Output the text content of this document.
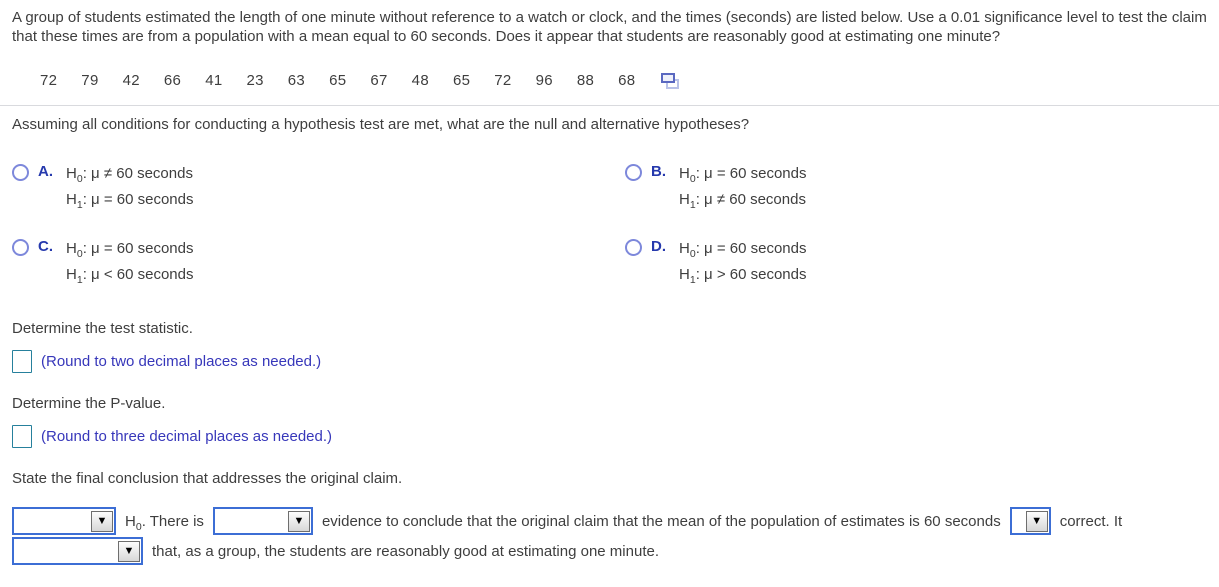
A group of students estimated the length of one minute without reference to a watch or clock, and the times (seconds) are listed below. Use a 0.01 significance level to test the claim that these times are from a population with a mean equal to 60 seconds. Does it appear that students are reasonably good at estimating one minute?
72 79 42 66 41 23 63 65 67 48 65 72 96 88 68
Assuming all conditions for conducting a hypothesis test are met, what are the null and alternative hypotheses?
A. $H_0$: μ ≠ 60 seconds
$H_1$: μ = 60 seconds
B. $H_0$: μ = 60 seconds
$H_1$: μ ≠ 60 seconds
C. $H_0$: μ = 60 seconds
$H_1$: μ < 60 seconds
D. $H_0$: μ = 60 seconds
$H_1$: μ > 60 seconds
Determine the test statistic.
(Round to two decimal places as needed.)
Determine the P-value.
(Round to three decimal places as needed.)
State the final conclusion that addresses the original claim.
▼	$H_0$. There is	▼	evidence to conclude that the original claim that the mean of the population of estimates is 60 seconds	▼	correct. It
▼	that, as a group, the students are reasonably good at estimating one minute.
